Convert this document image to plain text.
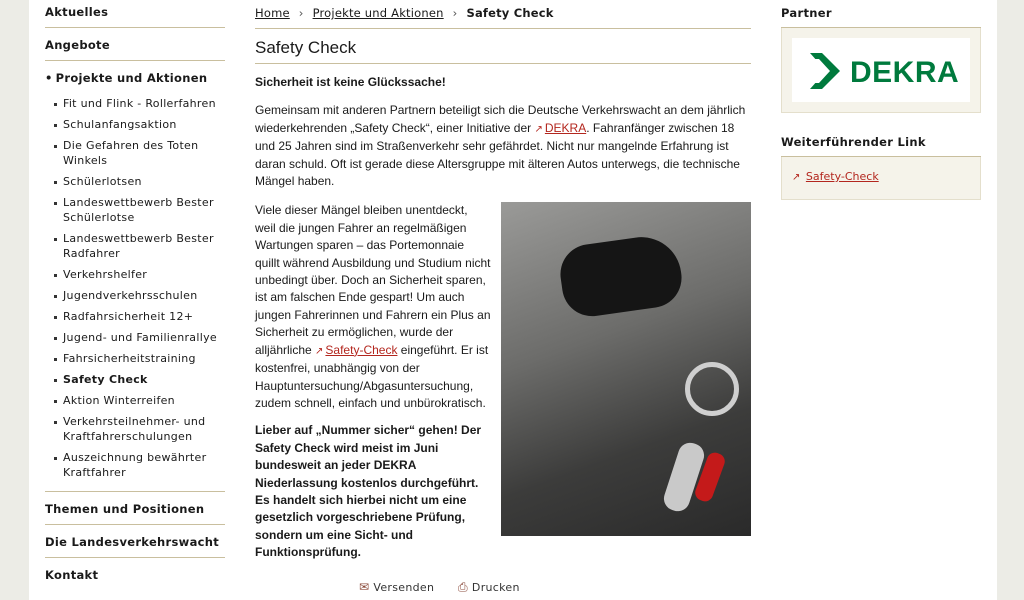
Aktuelles
Angebote
• Projekte und Aktionen
Fit und Flink - Rollerfahren
Schulanfangsaktion
Die Gefahren des Toten Winkels
Schülerlotsen
Landeswettbewerb Bester Schülerlotse
Landeswettbewerb Bester Radfahrer
Verkehrshelfer
Jugendverkehrsschulen
Radfahrsicherheit 12+
Jugend- und Familienrallye
Fahrsicherheitstraining
Safety Check
Aktion Winterreifen
Verkehrsteilnehmer- und Kraftfahrerschulungen
Auszeichnung bewährter Kraftfahrer
Themen und Positionen
Die Landesverkehrswacht
Kontakt
Home › Projekte und Aktionen › Safety Check
Safety Check

Sicherheit ist keine Glückssache!

Gemeinsam mit anderen Partnern beteiligt sich die Deutsche Verkehrswacht an dem jährlich wiederkehrenden „Safety Check“, einer Initiative der ↗ DEKRA. Fahranfänger zwischen 18 und 25 Jahren sind im Straßenverkehr sehr gefährdet. Nicht nur mangelnde Erfahrung ist daran schuld. Oft ist gerade diese Altersgruppe mit älteren Autos unterwegs, die technische Mängel haben.

Viele dieser Mängel bleiben unentdeckt, weil die jungen Fahrer an regelmäßigen Wartungen sparen – das Portemonnaie quillt während Ausbildung und Studium nicht unbedingt über. Doch an Sicherheit sparen, ist am falschen Ende gespart! Um auch jungen Fahrerinnen und Fahrern ein Plus an Sicherheit zu ermöglichen, wurde der alljährliche ↗ Safety-Check eingeführt. Er ist kostenfrei, unabhängig von der Hauptuntersuchung/Abgasuntersuchung, zudem schnell, einfach und unbürokratisch.

Lieber auf „Nummer sicher“ gehen! Der Safety Check wird meist im Juni bundesweit an jeder DEKRA Niederlassung kostenlos durchgeführt. Es handelt sich hierbei nicht um eine gesetzlich vorgeschriebene Prüfung, sondern um eine Sicht- und Funktionsprüfung.

✉ Versenden ⎙ Drucken
Partner
DEKRA
Weiterführender Link
↗ Safety-Check
